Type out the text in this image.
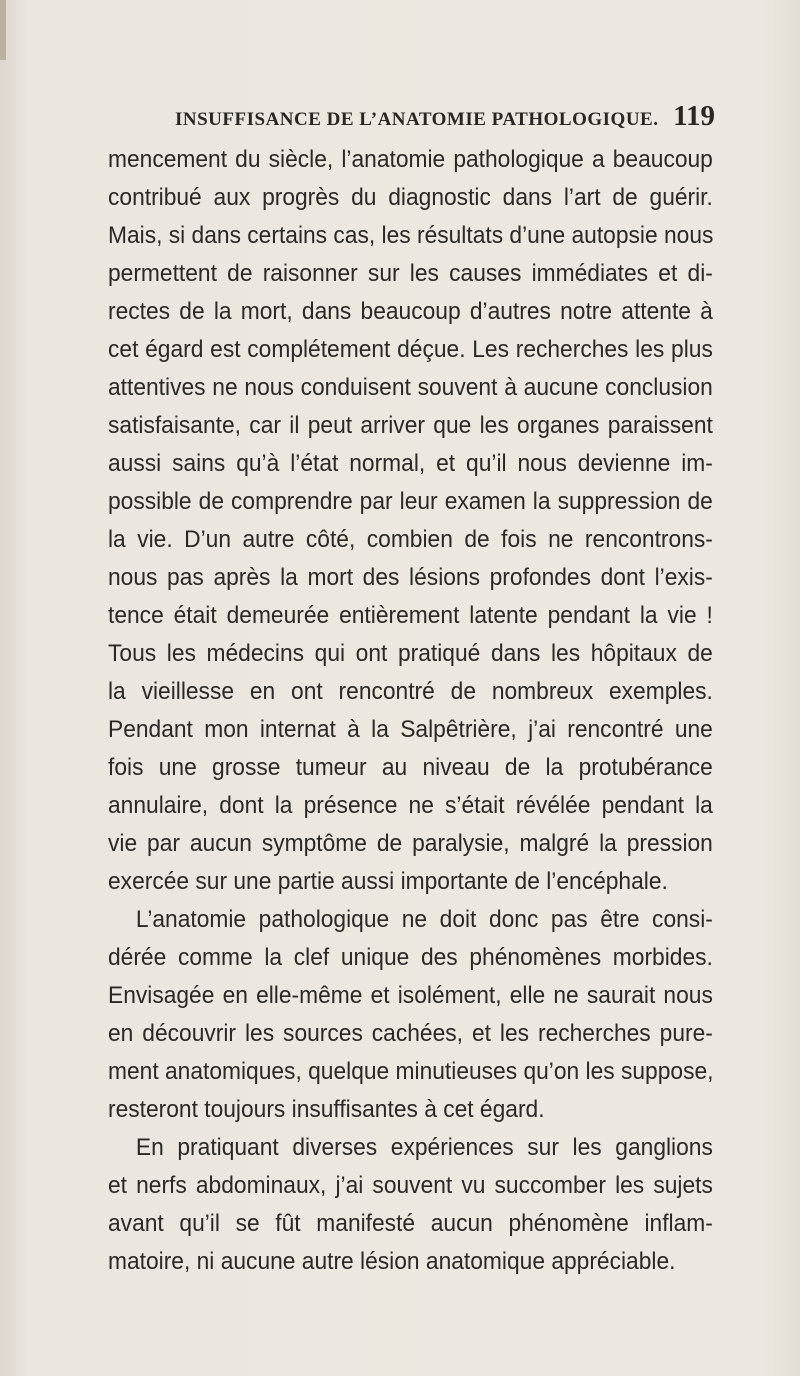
INSUFFISANCE DE L’ANATOMIE PATHOLOGIQUE. 119
mencement du siècle, l’anatomie pathologique a beaucoup
contribué aux progrès du diagnostic dans l’art de guérir.
Mais, si dans certains cas, les résultats d’une autopsie nous
permettent de raisonner sur les causes immédiates et di-
rectes de la mort, dans beaucoup d’autres notre attente à
cet égard est complétement déçue. Les recherches les plus
attentives ne nous conduisent souvent à aucune conclusion
satisfaisante, car il peut arriver que les organes paraissent
aussi sains qu’à l’état normal, et qu’il nous devienne im-
possible de comprendre par leur examen la suppression de
la vie. D’un autre côté, combien de fois ne rencontrons-
nous pas après la mort des lésions profondes dont l’exis-
tence était demeurée entièrement latente pendant la vie !
Tous les médecins qui ont pratiqué dans les hôpitaux de
la vieillesse en ont rencontré de nombreux exemples.
Pendant mon internat à la Salpêtrière, j’ai rencontré une
fois une grosse tumeur au niveau de la protubérance
annulaire, dont la présence ne s’était révélée pendant la
vie par aucun symptôme de paralysie, malgré la pression
exercée sur une partie aussi importante de l’encéphale.
L’anatomie pathologique ne doit donc pas être consi-
dérée comme la clef unique des phénomènes morbides.
Envisagée en elle-même et isolément, elle ne saurait nous
en découvrir les sources cachées, et les recherches pure-
ment anatomiques, quelque minutieuses qu’on les suppose,
resteront toujours insuffisantes à cet égard.
En pratiquant diverses expériences sur les ganglions
et nerfs abdominaux, j’ai souvent vu succomber les sujets
avant qu’il se fût manifesté aucun phénomène inflam-
matoire, ni aucune autre lésion anatomique appréciable.
